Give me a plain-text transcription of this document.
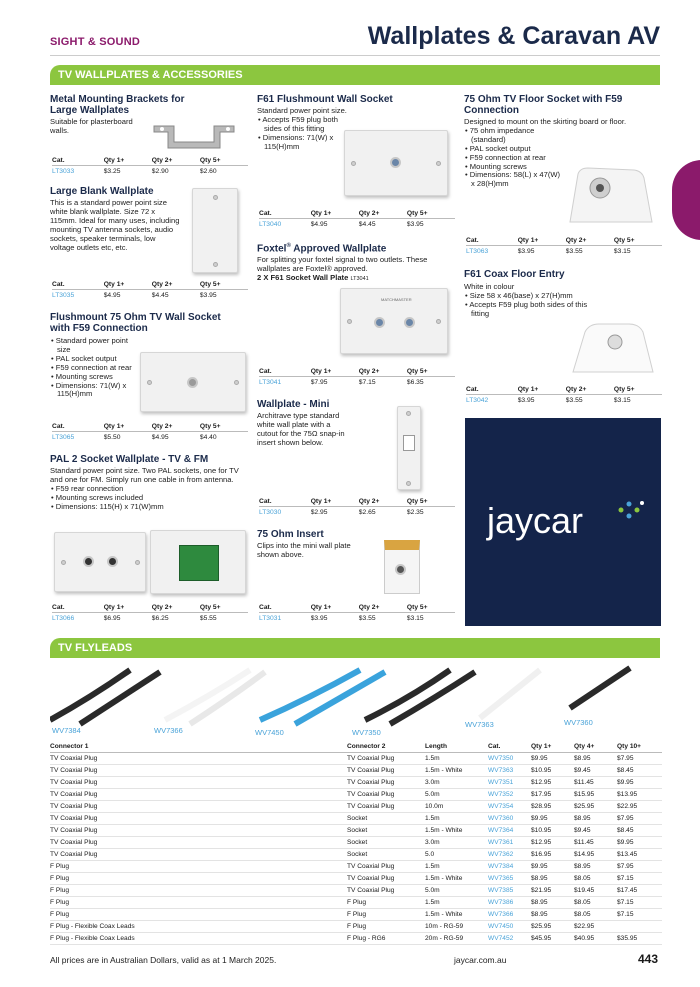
SIGHT & SOUND	Wallplates & Caravan AV
TV WALLPLATES & ACCESSORIES
Metal Mounting Brackets for Large Wallplates
Suitable for plasterboard walls.
Cat.	Qty 1+	Qty 2+	Qty 5+
LT3033	$3.25	$2.90	$2.60
Large Blank Wallplate
This is a standard power point size white blank wallplate. Size 72 x 115mm. Ideal for many uses, including mounting TV antenna sockets, audio sockets, speaker terminals, low voltage outlets etc, etc.
Cat.	Qty 1+	Qty 2+	Qty 5+
LT3035	$4.95	$4.45	$3.95
Flushmount 75 Ohm TV Wall Socket with F59 Connection
• Standard power point size
• PAL socket output
• F59 connection at rear
• Mounting screws
• Dimensions: 71(W) x 115(H)mm
Cat.	Qty 1+	Qty 2+	Qty 5+
LT3065	$5.50	$4.95	$4.40
PAL 2 Socket Wallplate - TV & FM
Standard power point size. Two PAL sockets, one for TV and one for FM. Simply run one cable in from antenna.
• F59 rear connection
• Mounting screws included
• Dimensions: 115(H) x 71(W)mm
Cat.	Qty 1+	Qty 2+	Qty 5+
LT3066	$6.95	$6.25	$5.55
F61 Flushmount Wall Socket
Standard power point size.
• Accepts F59 plug both sides of this fitting
• Dimensions: 71(W) x 115(H)mm
Cat.	Qty 1+	Qty 2+	Qty 5+
LT3040	$4.95	$4.45	$3.95
Foxtel® Approved Wallplate
For splitting your foxtel signal to two outlets. These wallplates are Foxtel® approved.
2 X F61 Socket Wall Plate LT3041
MATCHMASTER
Cat.	Qty 1+	Qty 2+	Qty 5+
LT3041	$7.95	$7.15	$6.35
Wallplate - Mini
Architrave type standard white wall plate with a cutout for the 75Ω snap-in insert shown below.
Cat.	Qty 1+	Qty 2+	Qty 5+
LT3030	$2.95	$2.65	$2.35
75 Ohm Insert
Clips into the mini wall plate shown above.
Cat.	Qty 1+	Qty 2+	Qty 5+
LT3031	$3.95	$3.55	$3.15
75 Ohm TV Floor Socket with F59 Connection
Designed to mount on the skirting board or floor.
• 75 ohm impedance (standard)
• PAL socket output
• F59 connection at rear
• Mounting screws
• Dimensions: 58(L) x 47(W) x 28(H)mm
Cat.	Qty 1+	Qty 2+	Qty 5+
LT3063	$3.95	$3.55	$3.15
F61 Coax Floor Entry
White in colour
• Size 58 x 46(base) x 27(H)mm
• Accepts F59 plug both sides of this fitting
Cat.	Qty 1+	Qty 2+	Qty 5+
LT3042	$3.95	$3.55	$3.15
jaycar
TV FLYLEADS
WV7384	WV7366	WV7450	WV7350
WV7363	WV7360
Connector 1	Connector 2	Length	Cat.	Qty 1+	Qty 4+	Qty 10+
TV Coaxial Plug	TV Coaxial Plug	1.5m	WV7350	$9.95	$8.95	$7.95
TV Coaxial Plug	TV Coaxial Plug	1.5m - White	WV7363	$10.95	$9.45	$8.45
TV Coaxial Plug	TV Coaxial Plug	3.0m	WV7351	$12.95	$11.45	$9.95
TV Coaxial Plug	TV Coaxial Plug	5.0m	WV7352	$17.95	$15.95	$13.95
TV Coaxial Plug	TV Coaxial Plug	10.0m	WV7354	$28.95	$25.95	$22.95
TV Coaxial Plug	Socket	1.5m	WV7360	$9.95	$8.95	$7.95
TV Coaxial Plug	Socket	1.5m - White	WV7364	$10.95	$9.45	$8.45
TV Coaxial Plug	Socket	3.0m	WV7361	$12.95	$11.45	$9.95
TV Coaxial Plug	Socket	5.0	WV7362	$16.95	$14.95	$13.45
F Plug	TV Coaxial Plug	1.5m	WV7384	$9.95	$8.95	$7.95
F Plug	TV Coaxial Plug	1.5m - White	WV7365	$8.95	$8.05	$7.15
F Plug	TV Coaxial Plug	5.0m	WV7385	$21.95	$19.45	$17.45
F Plug	F Plug	1.5m	WV7386	$8.95	$8.05	$7.15
F Plug	F Plug	1.5m - White	WV7366	$8.95	$8.05	$7.15
F Plug - Flexible Coax Leads	F Plug	10m - RG-59	WV7450	$25.95	$22.95	
F Plug - Flexible Coax Leads	F Plug - RG6	20m - RG-59	WV7452	$45.95	$40.95	$35.95
All prices are in Australian Dollars, valid as at 1 March 2025.	jaycar.com.au	443
